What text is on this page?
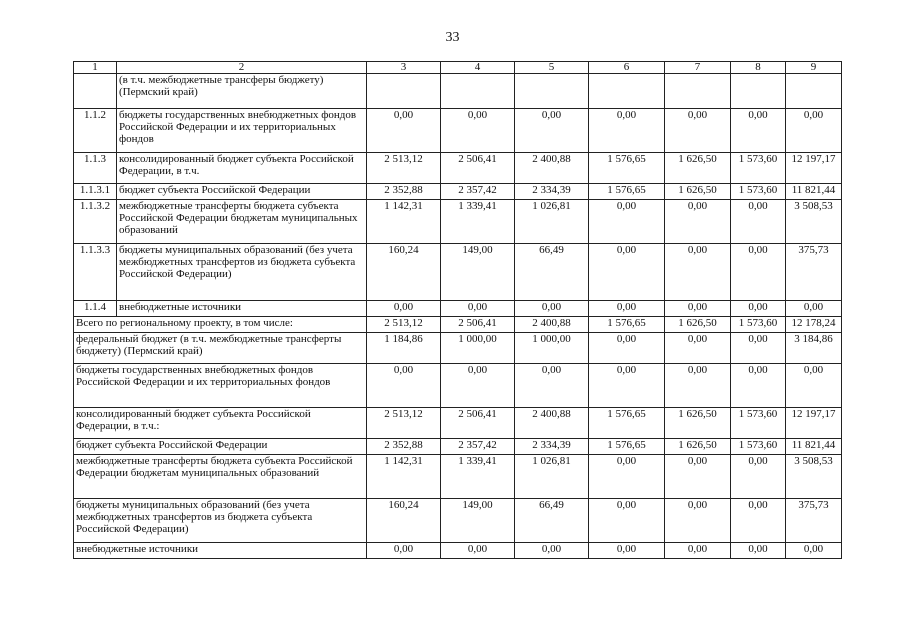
33
1	2	3	4	5	6	7	8	9
	(в т.ч. межбюджетные трансферы бюджету) (Пермский край)							
1.1.2	бюджеты государственных внебюджетных фондов Российской Федерации и их территориальных фондов	0,00	0,00	0,00	0,00	0,00	0,00	0,00
1.1.3	консолидированный бюджет субъекта Российской Федерации, в т.ч.	2 513,12	2 506,41	2 400,88	1 576,65	1 626,50	1 573,60	12 197,17
1.1.3.1	бюджет субъекта Российской Федерации	2 352,88	2 357,42	2 334,39	1 576,65	1 626,50	1 573,60	11 821,44
1.1.3.2	межбюджетные трансферты бюджета субъекта Российской Федерации бюджетам муниципальных образований	1 142,31	1 339,41	1 026,81	0,00	0,00	0,00	3 508,53
1.1.3.3	бюджеты муниципальных образований (без учета межбюджетных трансфертов из бюджета субъекта Российской Федерации)	160,24	149,00	66,49	0,00	0,00	0,00	375,73
1.1.4	внебюджетные источники	0,00	0,00	0,00	0,00	0,00	0,00	0,00
Всего по региональному проекту, в том числе:		2 513,12	2 506,41	2 400,88	1 576,65	1 626,50	1 573,60	12 178,24
федеральный бюджет (в т.ч. межбюджетные трансферты бюджету) (Пермский край)		1 184,86	1 000,00	1 000,00	0,00	0,00	0,00	3 184,86
бюджеты государственных внебюджетных фондов Российской Федерации и их территориальных фондов		0,00	0,00	0,00	0,00	0,00	0,00	0,00
консолидированный бюджет субъекта Российской Федерации, в т.ч.:		2 513,12	2 506,41	2 400,88	1 576,65	1 626,50	1 573,60	12 197,17
бюджет субъекта Российской Федерации		2 352,88	2 357,42	2 334,39	1 576,65	1 626,50	1 573,60	11 821,44
межбюджетные трансферты бюджета субъекта Российской Федерации бюджетам муниципальных образований		1 142,31	1 339,41	1 026,81	0,00	0,00	0,00	3 508,53
бюджеты муниципальных образований (без учета межбюджетных трансфертов из бюджета субъекта Российской Федерации)		160,24	149,00	66,49	0,00	0,00	0,00	375,73
внебюджетные источники		0,00	0,00	0,00	0,00	0,00	0,00	0,00
